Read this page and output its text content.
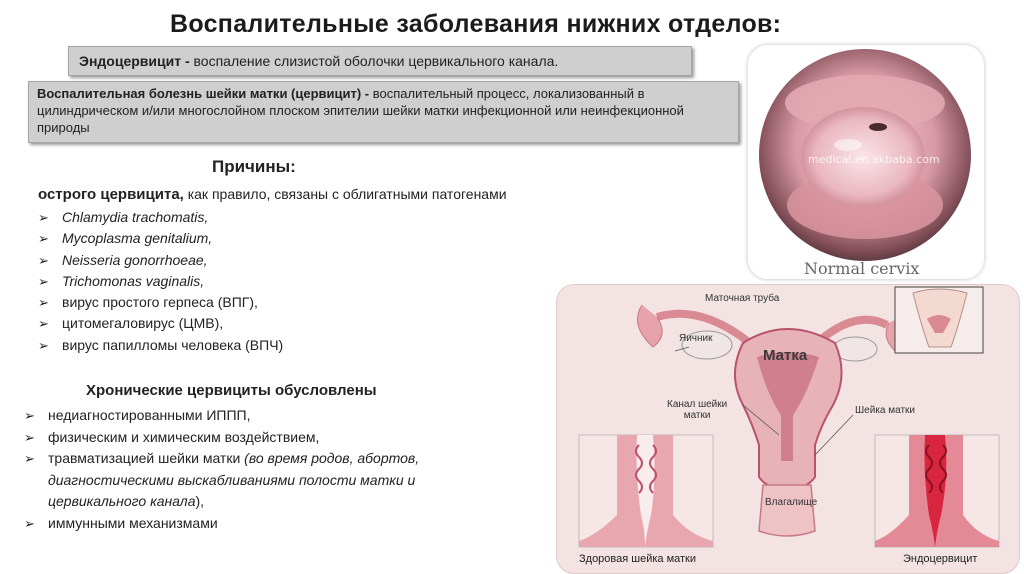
Воспалительные заболевания нижних отделов:
Эндоцервицит - воспаление слизистой оболочки цервикального канала.
Воспалительная болезнь шейки матки (цервицит) - воспалительный процесс, локализованный в цилиндрическом и/или многослойном плоском эпителии шейки матки инфекционной или неинфекционной природы
Причины:
острого цервицита, как правило, связаны с облигатными патогенами
➢ Chlamydia trachomatis,
➢ Mycoplasma genitalium,
➢ Neisseria gonorrhoeae,
➢ Trichomonas vaginalis,
➢ вирус простого герпеса (ВПГ),
➢ цитомегаловирус (ЦМВ),
➢ вирус папилломы человека (ВПЧ)
Хронические цервициты обусловлены
➢ недиагностированными ИППП,
➢ физическим и химическим воздействием,
➢ травматизацией шейки матки (во время родов, абортов,
диагностическими выскабливаниями полости матки и
цервикального канала),
➢ иммунными механизмами
medical.en.akbaba.com
Normal cervix
Маточная труба
Яичник
Матка
Канал шейки
матки	Шейка матки
Влагалище
Здоровая шейка матки	Эндоцервицит
